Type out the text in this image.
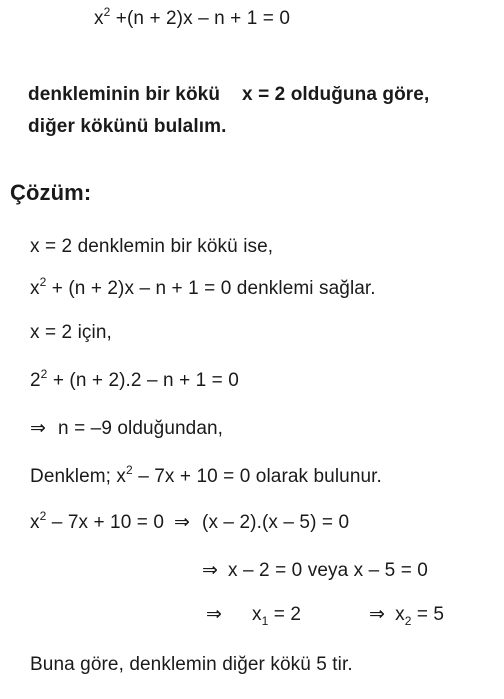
$x^2 +(n + 2)x - n + 1 = 0$
denkleminin bir kökü x = 2 olduğuna göre,
diğer kökünü bulalım.
Çözüm:
x = 2 denklemin bir kökü ise,
$x^2 + (n + 2)x - n + 1 = 0$ denklemi sağlar.
x = 2 için,
$2^2 + (n + 2).2 - n + 1 = 0$
⇒ n = –9 olduğundan,
Denklem; $x^2 - 7x + 10 = 0$ olarak bulunur.
$x^2 - 7x + 10 = 0$ ⇒ (x – 2).(x – 5) = 0
⇒ x – 2 = 0 veya x – 5 = 0
⇒ $x_1 = 2$	⇒ $x_2 = 5$
Buna göre, denklemin diğer kökü 5 tir.
